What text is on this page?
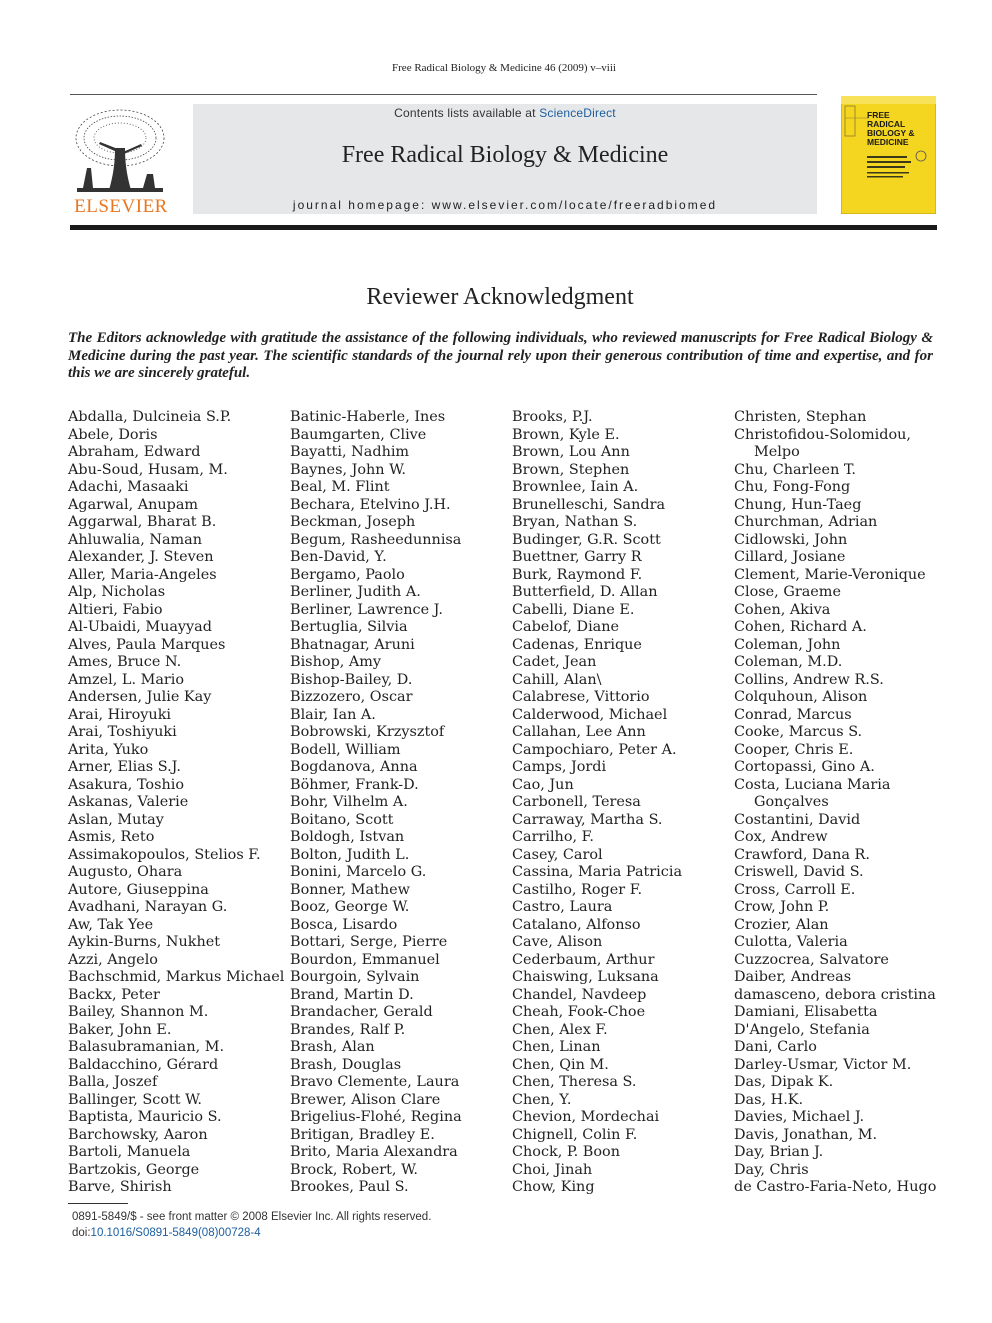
Free Radical Biology & Medicine 46 (2009) v–viii
ELSEVIER
Contents lists available at ScienceDirect
Free Radical Biology & Medicine
journal homepage: www.elsevier.com/locate/freeradbiomed
FREE
RADICAL
BIOLOGY &
MEDICINE
Reviewer Acknowledgment

The Editors acknowledge with gratitude the assistance of the following individuals, who reviewed manuscripts for Free Radical Biology & Medicine during the past year. The scientific standards of the journal rely upon their generous contribution of time and expertise, and for this we are sincerely grateful.

Abdalla, Dulcineia S.P.
Abele, Doris
Abraham, Edward
Abu-Soud, Husam, M.
Adachi, Masaaki
Agarwal, Anupam
Aggarwal, Bharat B.
Ahluwalia, Naman
Alexander, J. Steven
Aller, Maria-Angeles
Alp, Nicholas
Altieri, Fabio
Al-Ubaidi, Muayyad
Alves, Paula Marques
Ames, Bruce N.
Amzel, L. Mario
Andersen, Julie Kay
Arai, Hiroyuki
Arai, Toshiyuki
Arita, Yuko
Arner, Elias S.J.
Asakura, Toshio
Askanas, Valerie
Aslan, Mutay
Asmis, Reto
Assimakopoulos, Stelios F.
Augusto, Ohara
Autore, Giuseppina
Avadhani, Narayan G.
Aw, Tak Yee
Aykin-Burns, Nukhet
Azzi, Angelo
Bachschmid, Markus Michael
Backx, Peter
Bailey, Shannon M.
Baker, John E.
Balasubramanian, M.
Baldacchino, Gérard
Balla, Joszef
Ballinger, Scott W.
Baptista, Mauricio S.
Barchowsky, Aaron
Bartoli, Manuela
Bartzokis, George
Barve, Shirish
Batinic-Haberle, Ines
Baumgarten, Clive
Bayatti, Nadhim
Baynes, John W.
Beal, M. Flint
Bechara, Etelvino J.H.
Beckman, Joseph
Begum, Rasheedunnisa
Ben-David, Y.
Bergamo, Paolo
Berliner, Judith A.
Berliner, Lawrence J.
Bertuglia, Silvia
Bhatnagar, Aruni
Bishop, Amy
Bishop-Bailey, D.
Bizzozero, Oscar
Blair, Ian A.
Bobrowski, Krzysztof
Bodell, William
Bogdanova, Anna
Böhmer, Frank-D.
Bohr, Vilhelm A.
Boitano, Scott
Boldogh, Istvan
Bolton, Judith L.
Bonini, Marcelo G.
Bonner, Mathew
Booz, George W.
Bosca, Lisardo
Bottari, Serge, Pierre
Bourdon, Emmanuel
Bourgoin, Sylvain
Brand, Martin D.
Brandacher, Gerald
Brandes, Ralf P.
Brash, Alan
Brash, Douglas
Bravo Clemente, Laura
Brewer, Alison Clare
Brigelius-Flohé, Regina
Britigan, Bradley E.
Brito, Maria Alexandra
Brock, Robert, W.
Brookes, Paul S.
Brooks, P.J.
Brown, Kyle E.
Brown, Lou Ann
Brown, Stephen
Brownlee, Iain A.
Brunelleschi, Sandra
Bryan, Nathan S.
Budinger, G.R. Scott
Buettner, Garry R
Burk, Raymond F.
Butterfield, D. Allan
Cabelli, Diane E.
Cabelof, Diane
Cadenas, Enrique
Cadet, Jean
Cahill, Alan\
Calabrese, Vittorio
Calderwood, Michael
Callahan, Lee Ann
Campochiaro, Peter A.
Camps, Jordi
Cao, Jun
Carbonell, Teresa
Carraway, Martha S.
Carrilho, F.
Casey, Carol
Cassina, Maria Patricia
Castilho, Roger F.
Castro, Laura
Catalano, Alfonso
Cave, Alison
Cederbaum, Arthur
Chaiswing, Luksana
Chandel, Navdeep
Cheah, Fook-Choe
Chen, Alex F.
Chen, Linan
Chen, Qin M.
Chen, Theresa S.
Chen, Y.
Chevion, Mordechai
Chignell, Colin F.
Chock, P. Boon
Choi, Jinah
Chow, King
Christen, Stephan
Christofidou-Solomidou,
Melpo
Chu, Charleen T.
Chu, Fong-Fong
Chung, Hun-Taeg
Churchman, Adrian
Cidlowski, John
Cillard, Josiane
Clement, Marie-Veronique
Close, Graeme
Cohen, Akiva
Cohen, Richard A.
Coleman, John
Coleman, M.D.
Collins, Andrew R.S.
Colquhoun, Alison
Conrad, Marcus
Cooke, Marcus S.
Cooper, Chris E.
Cortopassi, Gino A.
Costa, Luciana Maria
Gonçalves
Costantini, David
Cox, Andrew
Crawford, Dana R.
Criswell, David S.
Cross, Carroll E.
Crow, John P.
Crozier, Alan
Culotta, Valeria
Cuzzocrea, Salvatore
Daiber, Andreas
damasceno, debora cristina
Damiani, Elisabetta
D'Angelo, Stefania
Dani, Carlo
Darley-Usmar, Victor M.
Das, Dipak K.
Das, H.K.
Davies, Michael J.
Davis, Jonathan, M.
Day, Brian J.
Day, Chris
de Castro-Faria-Neto, Hugo
0891-5849/$ - see front matter © 2008 Elsevier Inc. All rights reserved.
doi:10.1016/S0891-5849(08)00728-4
